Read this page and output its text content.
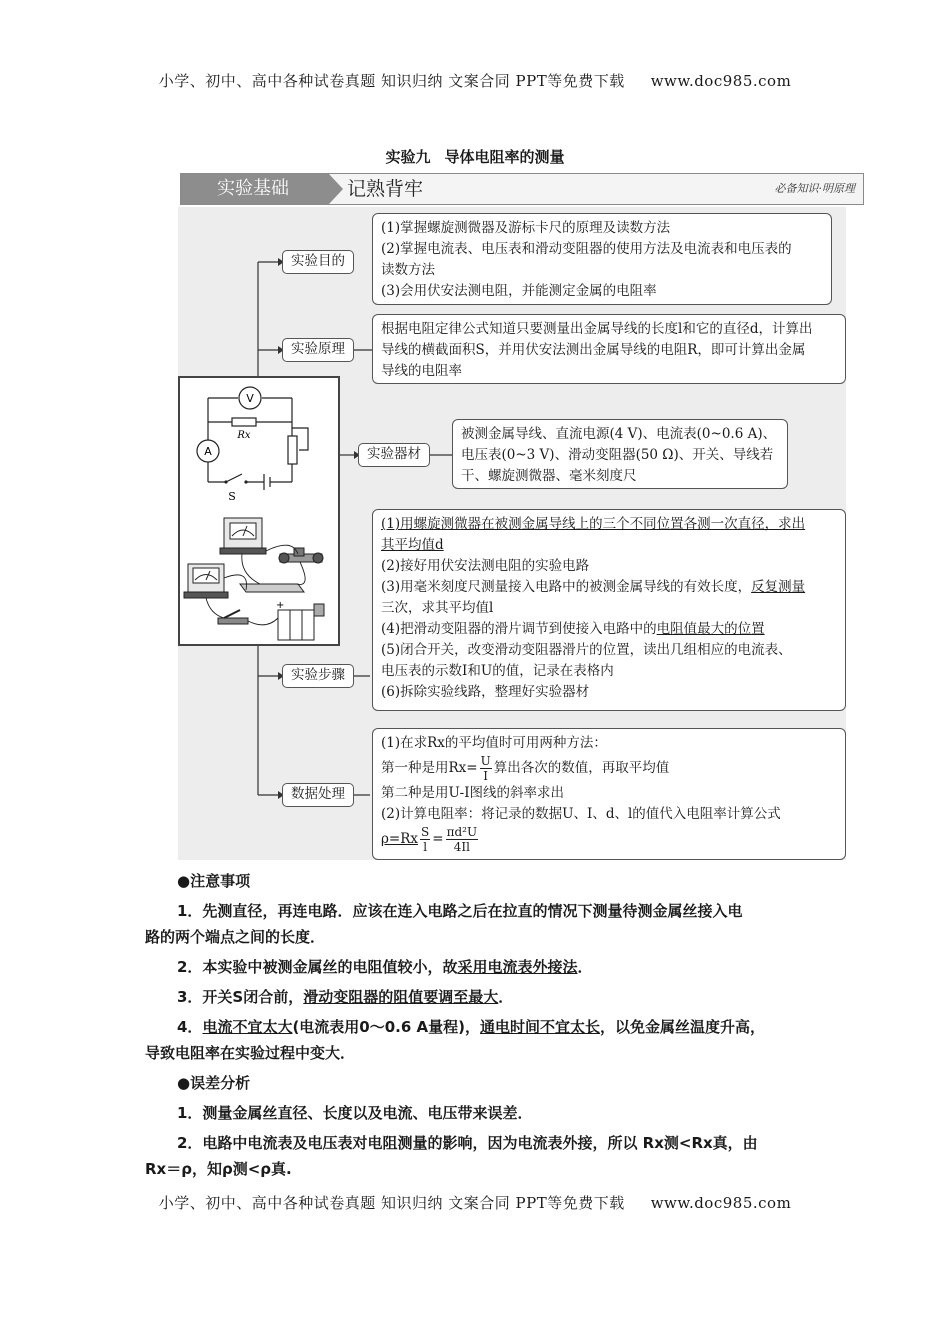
小学、初中、高中各种试卷真题 知识归纳 文案合同 PPT等免费下载 www.doc985.com
实验九 导体电阻率的测量
实验基础	记熟背牢	必备知识·明原理
实验目的
实验原理
实验器材
实验步骤
数据处理

(1)掌握螺旋测微器及游标卡尺的原理及读数方法

(2)掌握电流表、电压表和滑动变阻器的使用方法及电流表和电压表的

读数方法

(3)会用伏安法测电阻，并能测定金属的电阻率

根据电阻定律公式知道只要测量出金属导线的长度l和它的直径d，计算出

导线的横截面积S，并用伏安法测出金属导线的电阻R，即可计算出金属

导线的电阻率

被测金属导线、直流电源(4 V)、电流表(0~0.6 A)、

电压表(0~3 V)、滑动变阻器(50 Ω)、开关、导线若

干、螺旋测微器、毫米刻度尺

(1)用螺旋测微器在被测金属导线上的三个不同位置各测一次直径，求出

其平均值d

(2)接好用伏安法测电阻的实验电路

(3)用毫米刻度尺测量接入电路中的被测金属导线的有效长度，反复测量

三次，求其平均值l

(4)把滑动变阻器的滑片调节到使接入电路中的电阻值最大的位置

(5)闭合开关，改变滑动变阻器滑片的位置，读出几组相应的电流表、

电压表的示数I和U的值，记录在表格内

(6)拆除实验线路，整理好实验器材

(1)在求Rx的平均值时可用两种方法：

第一种是用$Rx= \frac{U}{I}$ 算出各次的数值，再取平均值

第二种是用U-I图线的斜率求出

(2)计算电阻率：将记录的数据U、I、d、l的值代入电阻率计算公式

$\rho=Rx \frac{S}{l} = \frac{\text{πd²U}}{4Il}$

V
A
Rx
S
+
●注意事项
1．先测直径，再连电路．应该在连入电路之后在拉直的情况下测量待测金属丝接入电
路的两个端点之间的长度．
2．本实验中被测金属丝的电阻值较小，故采用电流表外接法．
3．开关S闭合前，滑动变阻器的阻值要调至最大．
4．电流不宜太大(电流表用0～0.6 A量程)，通电时间不宜太长，以免金属丝温度升高，
导致电阻率在实验过程中变大．
●误差分析
1．测量金属丝直径、长度以及电流、电压带来误差．
2．电路中电流表及电压表对电阻测量的影响，因为电流表外接，所以 Rx测<Rx真，由
Rx＝ρ，知ρ测<ρ真.
小学、初中、高中各种试卷真题 知识归纳 文案合同 PPT等免费下载 www.doc985.com
